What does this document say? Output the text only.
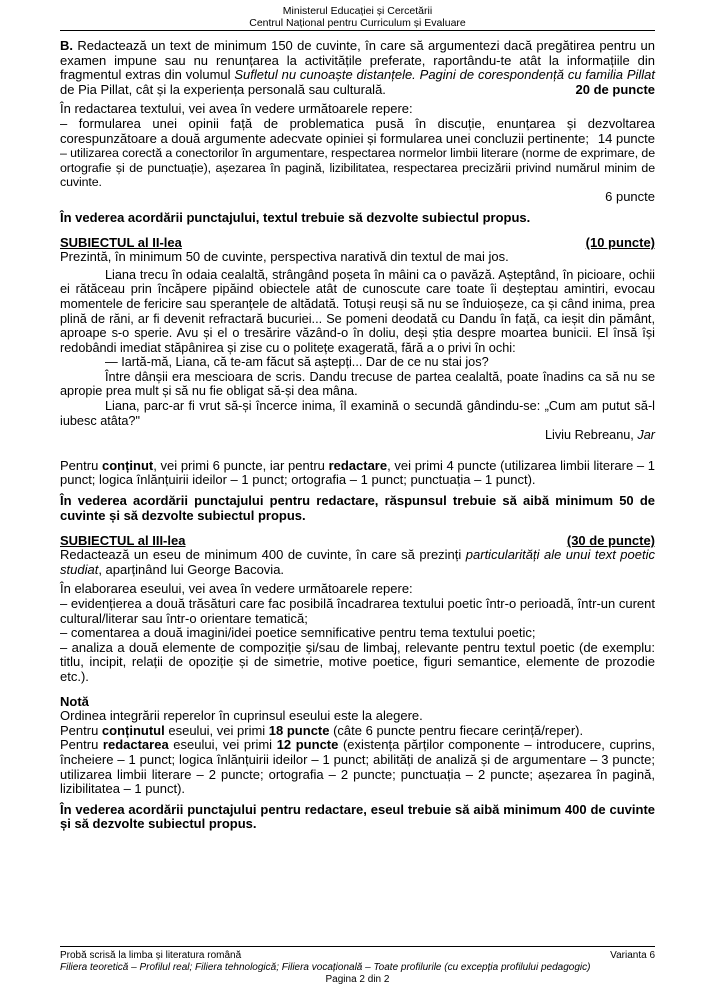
Ministerul Educației și Cercetării
Centrul Național pentru Curriculum și Evaluare

B. Redactează un text de minimum 150 de cuvinte, în care să argumentezi dacă pregătirea pentru un examen impune sau nu renunțarea la activitățile preferate, raportându-te atât la informațiile din fragmentul extras din volumul Sufletul nu cunoaște distanțele. Pagini de corespondență cu familia Pillat de Pia Pillat, cât și la experiența personală sau culturală.	20 de puncte

În redactarea textului, vei avea în vedere următoarele repere:

– formularea unei opinii față de problematica pusă în discuție, enunțarea și dezvoltarea corespunzătoare a două argumente adecvate opiniei și formularea unei concluzii pertinente; 14 puncte

– utilizarea corectă a conectorilor în argumentare, respectarea normelor limbii literare (norme de exprimare, de ortografie și de punctuație), așezarea în pagină, lizibilitatea, respectarea precizării privind numărul minim de cuvinte.

6 puncte

În vederea acordării punctajului, textul trebuie să dezvolte subiectul propus.

SUBIECTUL al II-lea	(10 puncte)

Prezintă, în minimum 50 de cuvinte, perspectiva narativă din textul de mai jos.

Liana trecu în odaia cealaltă, strângând poșeta în mâini ca o pavăză. Așteptând, în picioare, ochii ei rătăceau prin încăpere pipăind obiectele atât de cunoscute care toate îi deșteptau amintiri, evocau momentele de fericire sau speranțele de altădată. Totuși reuși să nu se înduioșeze, ca și când inima, prea plină de răni, ar fi devenit refractară bucuriei... Se pomeni deodată cu Dandu în față, ca ieșit din pământ, aproape s-o sperie. Avu și el o tresărire văzând-o în doliu, deși știa despre moartea bunicii. El însă își redobândi imediat stăpânirea și zise cu o politețe exagerată, fără a o privi în ochi:

— Iartă-mă, Liana, că te-am făcut să aștepți... Dar de ce nu stai jos?

Între dânșii era mescioara de scris. Dandu trecuse de partea cealaltă, poate înadins ca să nu se apropie prea mult și să nu fie obligat să-și dea mâna.

Liana, parc-ar fi vrut să-și încerce inima, îl examină o secundă gândindu-se: „Cum am putut să-l iubesc atâta?"

Liviu Rebreanu, Jar

Pentru conținut, vei primi 6 puncte, iar pentru redactare, vei primi 4 puncte (utilizarea limbii literare – 1 punct; logica înlănțuirii ideilor – 1 punct; ortografia – 1 punct; punctuația – 1 punct).

În vederea acordării punctajului pentru redactare, răspunsul trebuie să aibă minimum 50 de cuvinte și să dezvolte subiectul propus.

SUBIECTUL al III-lea	(30 de puncte)

Redactează un eseu de minimum 400 de cuvinte, în care să prezinți particularități ale unui text poetic studiat, aparținând lui George Bacovia.

În elaborarea eseului, vei avea în vedere următoarele repere:

– evidențierea a două trăsături care fac posibilă încadrarea textului poetic într-o perioadă, într-un curent cultural/literar sau într-o orientare tematică;

– comentarea a două imagini/idei poetice semnificative pentru tema textului poetic;

– analiza a două elemente de compoziție și/sau de limbaj, relevante pentru textul poetic (de exemplu: titlu, incipit, relații de opoziție și de simetrie, motive poetice, figuri semantice, elemente de prozodie etc.).

Notă

Ordinea integrării reperelor în cuprinsul eseului este la alegere.

Pentru conținutul eseului, vei primi 18 puncte (câte 6 puncte pentru fiecare cerință/reper).

Pentru redactarea eseului, vei primi 12 puncte (existența părților componente – introducere, cuprins, încheiere – 1 punct; logica înlănțuirii ideilor – 1 punct; abilități de analiză și de argumentare – 3 puncte; utilizarea limbii literare – 2 puncte; ortografia – 2 puncte; punctuația – 2 puncte; așezarea în pagină, lizibilitatea – 1 punct).

În vederea acordării punctajului pentru redactare, eseul trebuie să aibă minimum 400 de cuvinte și să dezvolte subiectul propus.

Probă scrisă la limba și literatura română	Varianta 6
Filiera teoretică – Profilul real; Filiera tehnologică; Filiera vocațională – Toate profilurile (cu excepția profilului pedagogic)
Pagina 2 din 2
